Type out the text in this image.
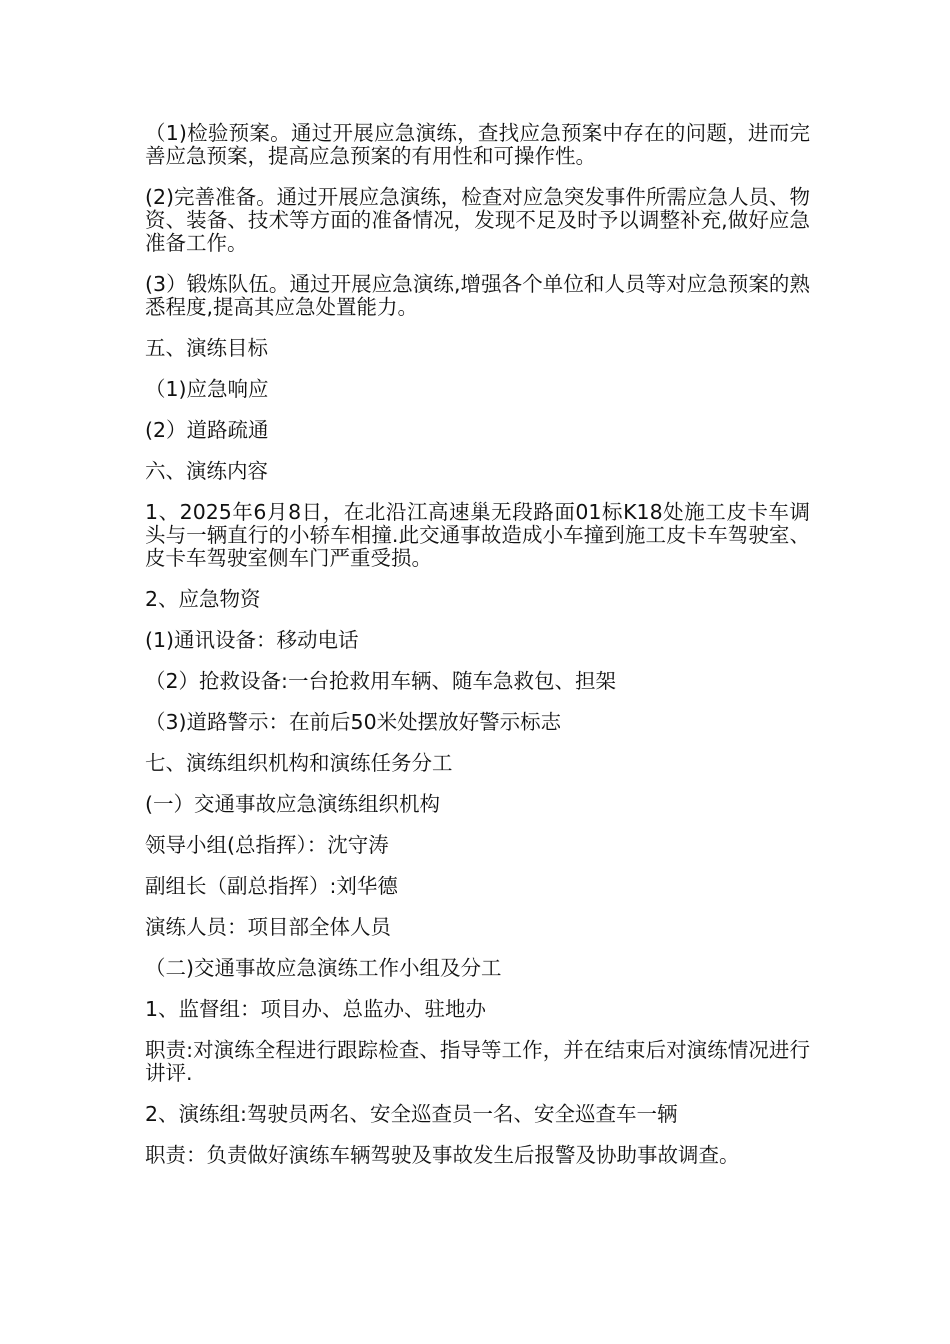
（1)检验预案。通过开展应急演练，查找应急预案中存在的问题，进而完善应急预案，提高应急预案的有用性和可操作性。

(2)完善准备。通过开展应急演练，检查对应急突发事件所需应急人员、物资、装备、技术等方面的准备情况，发现不足及时予以调整补充,做好应急准备工作。

(3）锻炼队伍。通过开展应急演练,增强各个单位和人员等对应急预案的熟悉程度,提高其应急处置能力。

五、演练目标

（1)应急响应

(2）道路疏通

六、演练内容

1、2025年6月8日，在北沿江高速巢无段路面01标K18处施工皮卡车调头与一辆直行的小轿车相撞.此交通事故造成小车撞到施工皮卡车驾驶室、皮卡车驾驶室侧车门严重受损。

2、应急物资

(1)通讯设备：移动电话

（2）抢救设备:一台抢救用车辆、随车急救包、担架

（3)道路警示：在前后50米处摆放好警示标志

七、演练组织机构和演练任务分工

(一）交通事故应急演练组织机构

领导小组(总指挥）：沈守涛

副组长（副总指挥）:刘华德

演练人员：项目部全体人员

（二)交通事故应急演练工作小组及分工

1、监督组：项目办、总监办、驻地办

职责:对演练全程进行跟踪检查、指导等工作，并在结束后对演练情况进行讲评.

2、演练组:驾驶员两名、安全巡查员一名、安全巡查车一辆

职责：负责做好演练车辆驾驶及事故发生后报警及协助事故调查。
